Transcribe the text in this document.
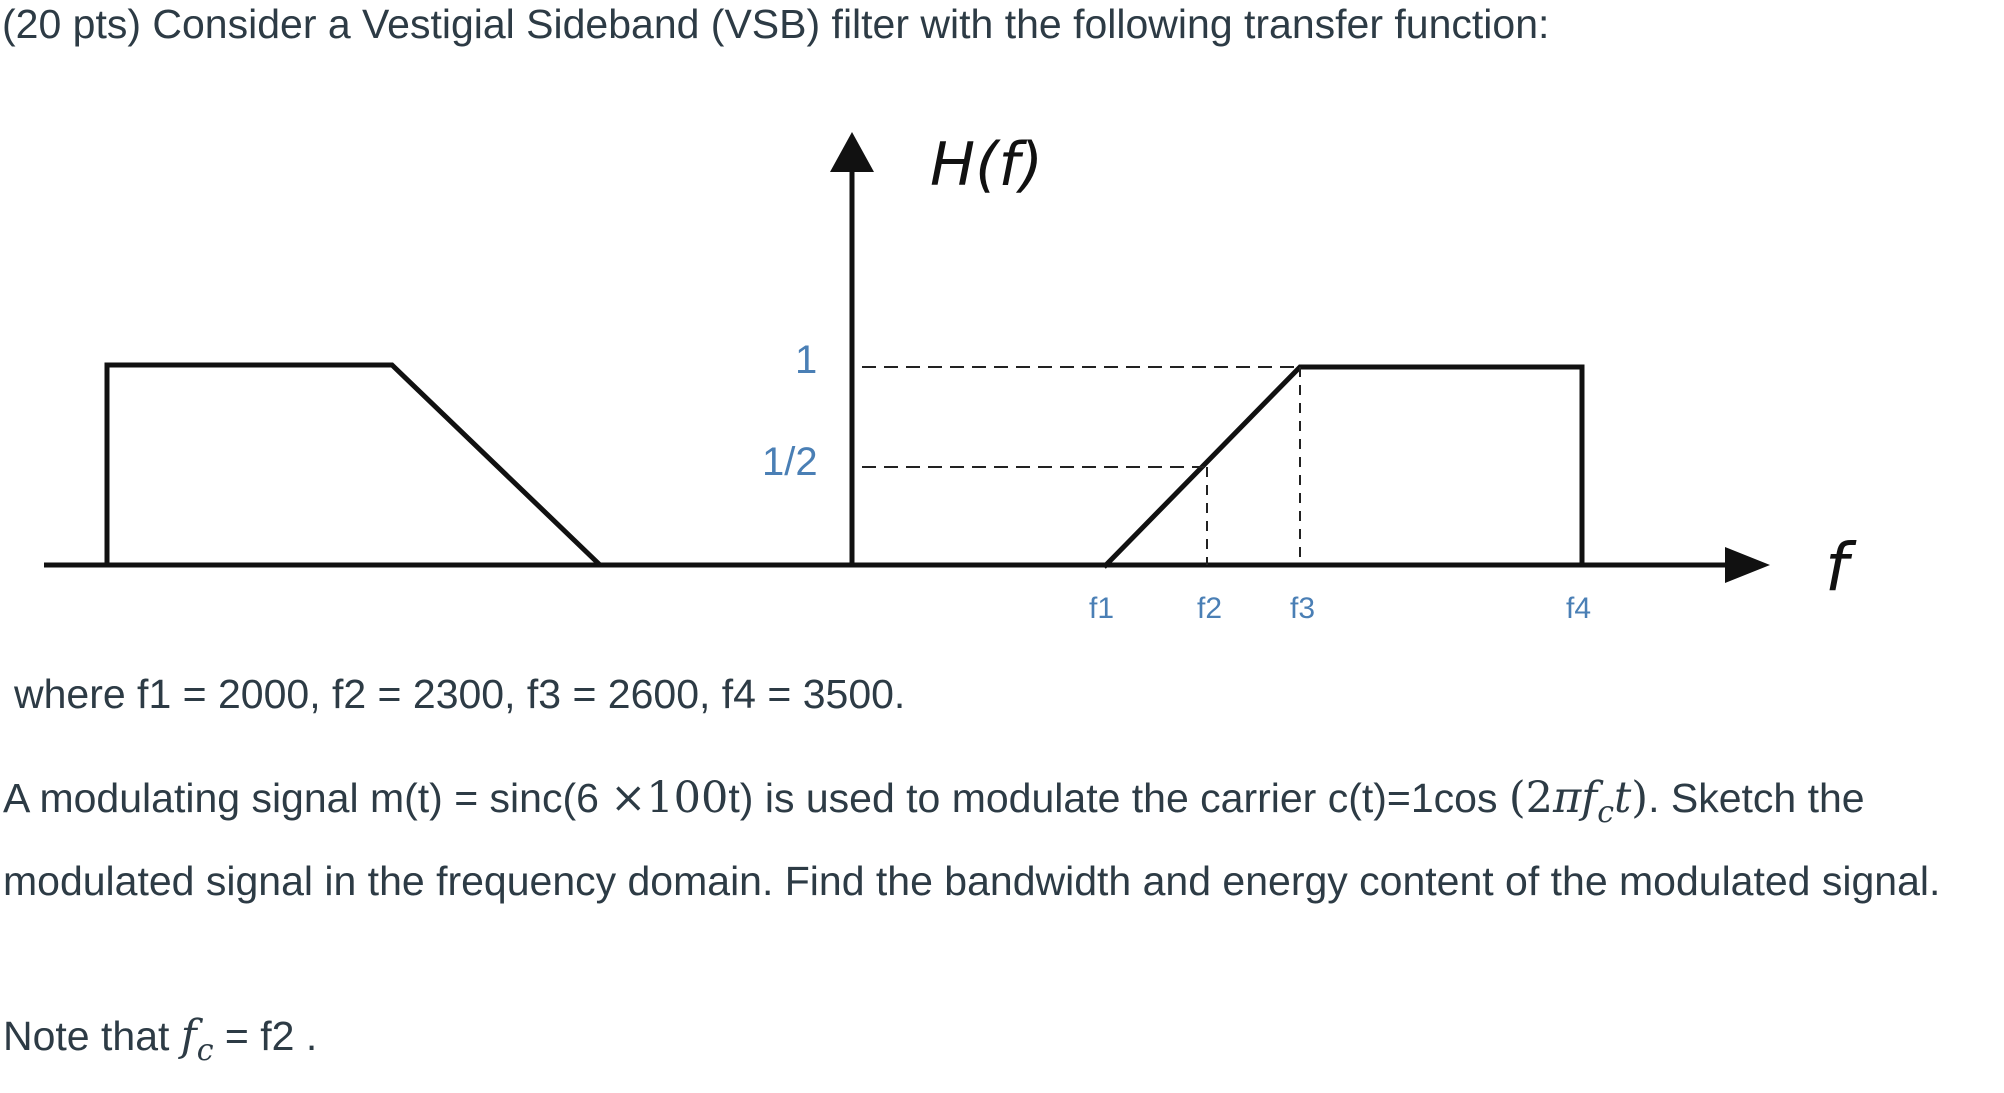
(20 pts) Consider a Vestigial Sideband (VSB) filter with the following transfer function:
H(f)
f
1
1/2
f1	f2 f3	f4

where f1 = 2000, f2 = 2300, f3 = 2600, f4 = 3500.

A modulating signal m(t) = sinc(6 ×100t) is used to modulate the carrier c(t)=1cos $(2\pi f_ct)$. Sketch the modulated signal in the frequency domain. Find the bandwidth and energy content of the modulated signal.

Note that $f_c = f2$ .
